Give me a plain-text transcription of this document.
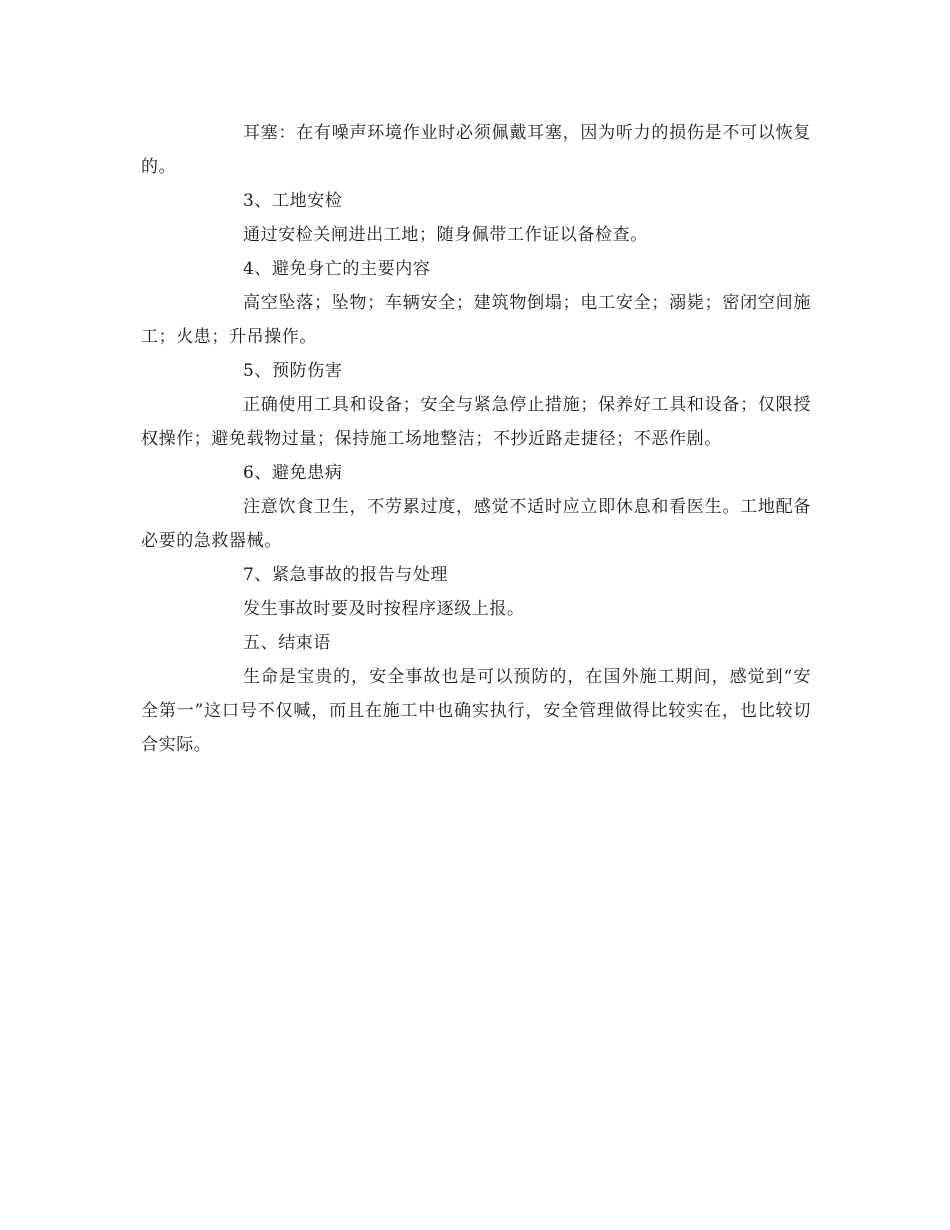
耳塞：在有噪声环境作业时必须佩戴耳塞，因为听力的损伤是不可以恢复的。

3、工地安检

通过安检关闸进出工地；随身佩带工作证以备检查。

4、避免身亡的主要内容

高空坠落；坠物；车辆安全；建筑物倒塌；电工安全；溺毙；密闭空间施工；火患；升吊操作。

5、预防伤害

正确使用工具和设备；安全与紧急停止措施；保养好工具和设备；仅限授权操作；避免载物过量；保持施工场地整洁；不抄近路走捷径；不恶作剧。

6、避免患病

注意饮食卫生，不劳累过度，感觉不适时应立即休息和看医生。工地配备必要的急救器械。

7、紧急事故的报告与处理

发生事故时要及时按程序逐级上报。

五、结束语

生命是宝贵的，安全事故也是可以预防的，在国外施工期间，感觉到“安全第一”这口号不仅喊，而且在施工中也确实执行，安全管理做得比较实在，也比较切合实际。
